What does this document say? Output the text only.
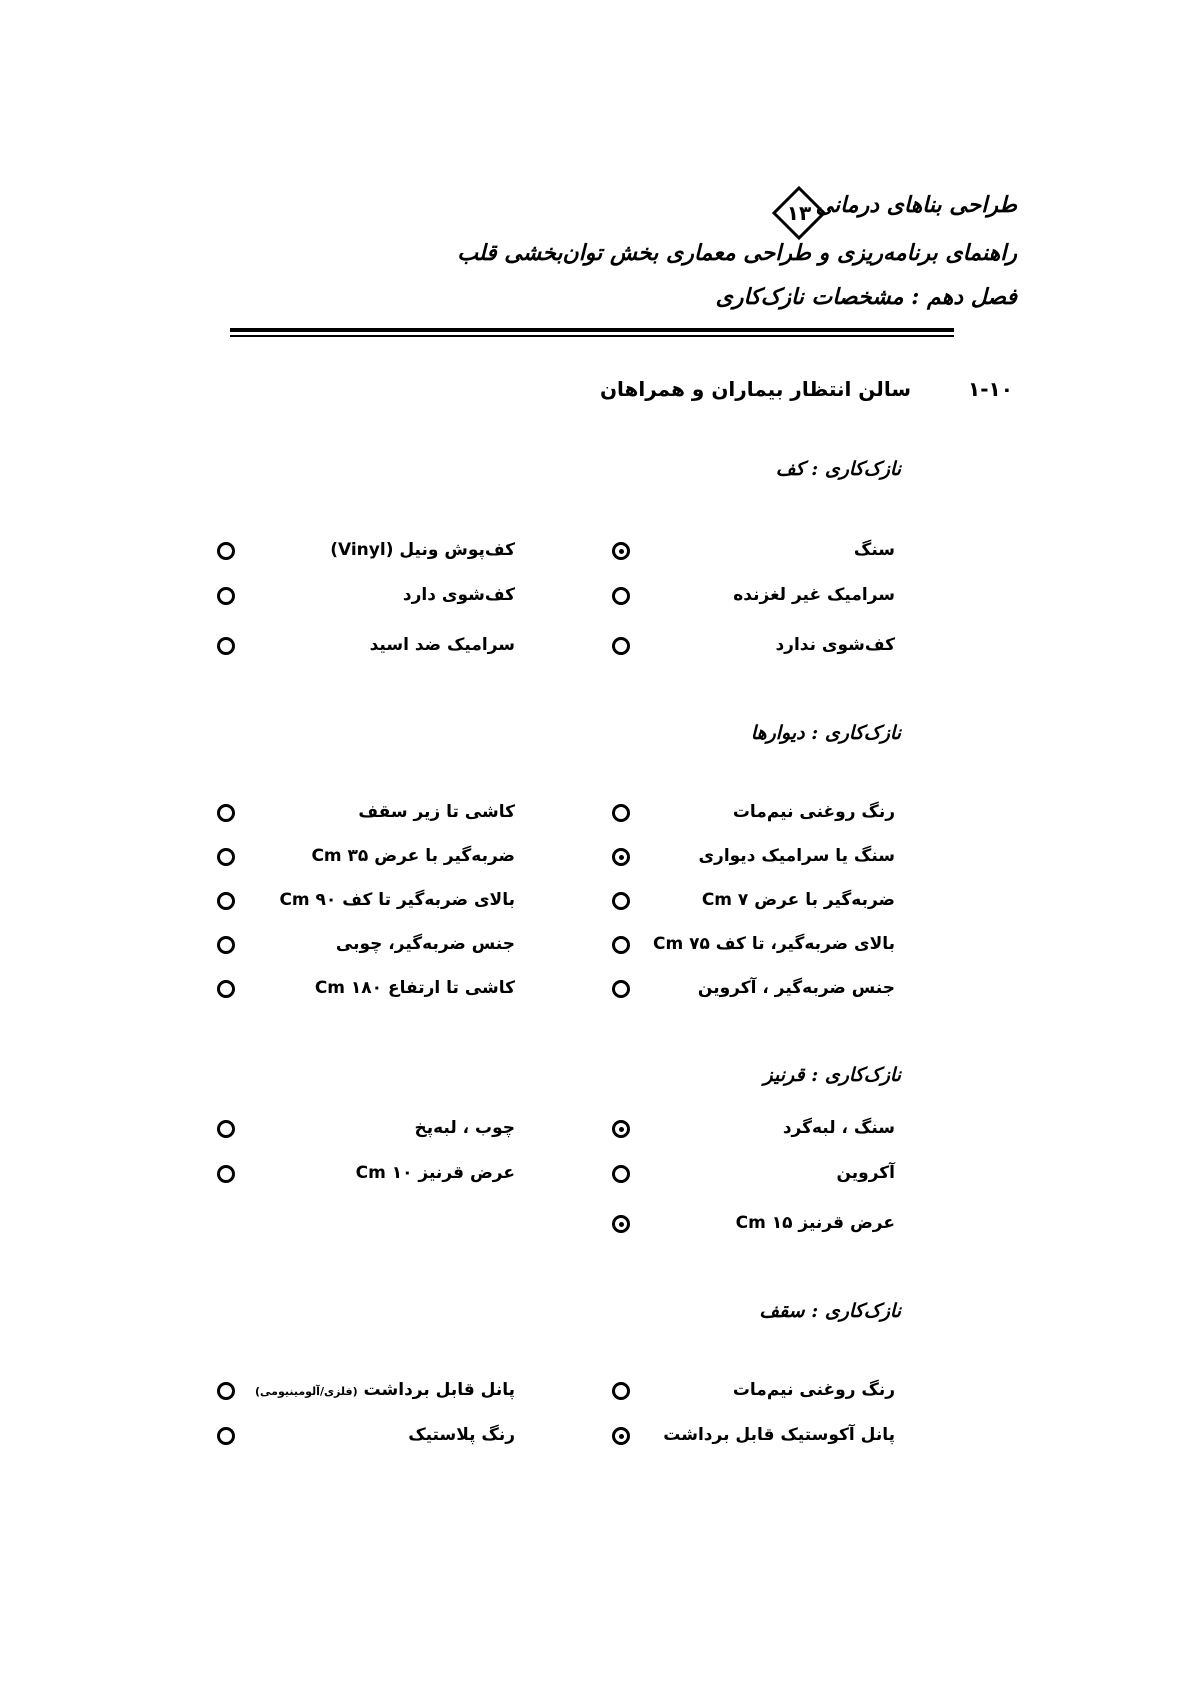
طراحی بناهای درمانی
۱۳
راهنمای برنامه‌ریزی و طراحی معماری بخش توان‌بخشی قلب
فصل دهم : مشخصات نازک‌کاری
۱-۱۰
سالن انتظار بیماران و همراهان
نازک‌کاری : کف
سنگ
سرامیک غیر لغزنده
کف‌شوی ندارد
کف‌پوش ونیل (Vinyl)
کف‌شوی دارد
سرامیک ضد اسید
نازک‌کاری : دیوارها
رنگ روغنی نیم‌مات
سنگ یا سرامیک دیواری
ضربه‌گیر با عرض Cm ۷
بالای ضربه‌گیر، تا کف Cm ۷۵
جنس ضربه‌گیر ، آکروین
کاشی تا زیر سقف
ضربه‌گیر با عرض Cm ۳۵
بالای ضربه‌گیر تا کف Cm ۹۰
جنس ضربه‌گیر، چوبی
کاشی تا ارتفاع Cm ۱۸۰
نازک‌کاری : قرنیز
سنگ ، لبه‌گرد
آکروین
عرض قرنیز Cm ۱۵
چوب ، لبه‌پخ
عرض قرنیز Cm ۱۰
نازک‌کاری : سقف
رنگ روغنی نیم‌مات
پانل آکوستیک قابل برداشت
پانل قابل برداشت (فلزی/آلومینیومی)
رنگ پلاستیک
